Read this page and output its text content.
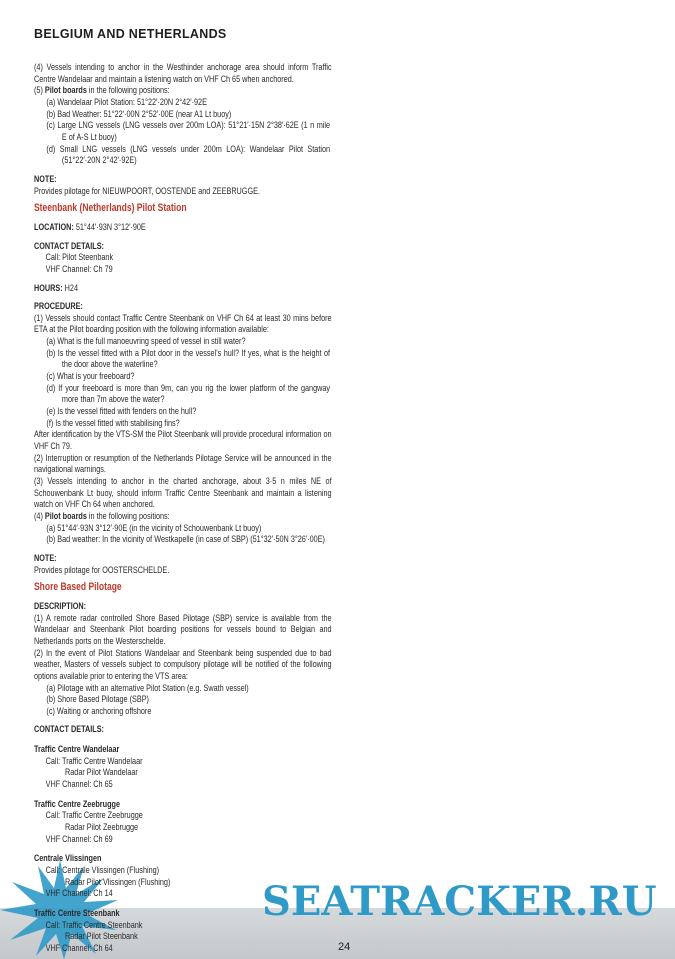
BELGIUM AND NETHERLANDS

(4) Vessels intending to anchor in the Westhinder anchorage area should inform Traffic Centre Wandelaar and maintain a listening watch on VHF Ch 65 when anchored.

(5) Pilot boards in the following positions:

(a) Wandelaar Pilot Station: 51°22′·20N 2°42′·92E

(b) Bad Weather: 51°22′·00N 2°52′·00E (near A1 Lt buoy)

(c) Large LNG vessels (LNG vessels over 200m LOA): 51°21′·15N 2°38′·62E (1 n mile E of A-S Lt buoy)

(d) Small LNG vessels (LNG vessels under 200m LOA): Wandelaar Pilot Station (51°22′·20N 2°42′·92E)

NOTE:

Provides pilotage for NIEUWPOORT, OOSTENDE and ZEEBRUGGE.

Steenbank (Netherlands) Pilot Station

LOCATION: 51°44′·93N 3°12′·90E

CONTACT DETAILS:

Call: Pilot Steenbank

VHF Channel: Ch 79

HOURS: H24

PROCEDURE:

(1) Vessels should contact Traffic Centre Steenbank on VHF Ch 64 at least 30 mins before ETA at the Pilot boarding position with the following information available:

(a) What is the full manoeuvring speed of vessel in still water?

(b) Is the vessel fitted with a Pilot door in the vessel’s hull? If yes, what is the height of the door above the waterline?

(c) What is your freeboard?

(d) If your freeboard is more than 9m, can you rig the lower platform of the gangway more than 7m above the water?

(e) Is the vessel fitted with fenders on the hull?

(f) Is the vessel fitted with stabilising fins?

After identification by the VTS-SM the Pilot Steenbank will provide procedural information on VHF Ch 79.

(2) Interruption or resumption of the Netherlands Pilotage Service will be announced in the navigational warnings.

(3) Vessels intending to anchor in the charted anchorage, about 3·5 n miles NE of Schouwenbank Lt buoy, should inform Traffic Centre Steenbank and maintain a listening watch on VHF Ch 64 when anchored.

(4) Pilot boards in the following positions:

(a) 51°44′·93N 3°12′·90E (in the vicinity of Schouwenbank Lt buoy)

(b) Bad weather: In the vicinity of Westkapelle (in case of SBP) (51°32′·50N 3°26′·00E)

NOTE:

Provides pilotage for OOSTERSCHELDE.

Shore Based Pilotage

DESCRIPTION:

(1) A remote radar controlled Shore Based Pilotage (SBP) service is available from the Wandelaar and Steenbank Pilot boarding positions for vessels bound to Belgian and Netherlands ports on the Westerschelde.

(2) In the event of Pilot Stations Wandelaar and Steenbank being suspended due to bad weather, Masters of vessels subject to compulsory pilotage will be notified of the following options available prior to entering the VTS area:

(a) Pilotage with an alternative Pilot Station (e.g. Swath vessel)

(b) Shore Based Pilotage (SBP)

(c) Waiting or anchoring offshore

CONTACT DETAILS:

Traffic Centre Wandelaar

Call: Traffic Centre Wandelaar

Radar Pilot Wandelaar

VHF Channel: Ch 65

Traffic Centre Zeebrugge

Call: Traffic Centre Zeebrugge

Radar Pilot Zeebrugge

VHF Channel: Ch 69

Centrale Vlissingen

Call: Centrale Vlissingen (Flushing)

Radar Pilot Vlissingen (Flushing)

VHF Channel: Ch 14

Traffic Centre Steenbank

Call: Traffic Centre Steenbank

Radar Pilot Steenbank

VHF Channel: Ch 64

SEATRACKER.RU
24
